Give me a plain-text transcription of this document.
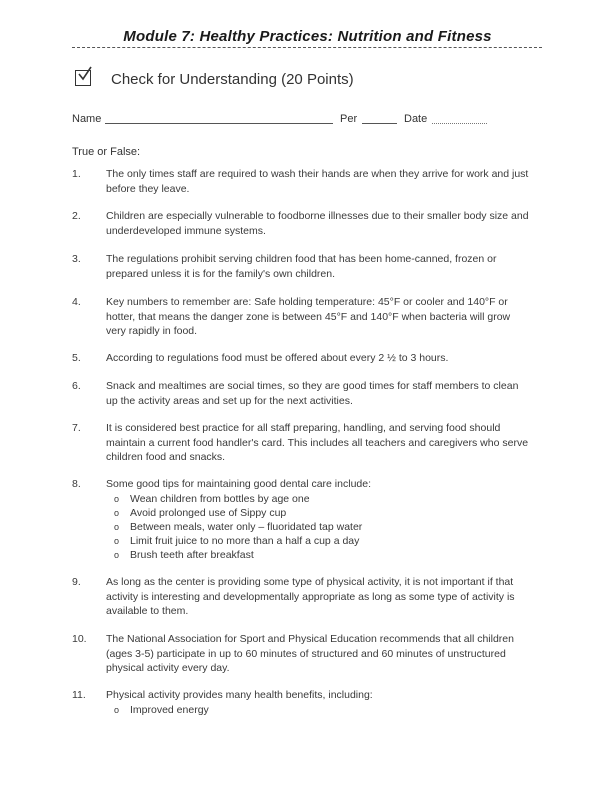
Module 7: Healthy Practices: Nutrition and Fitness
Check for Understanding (20 Points)
Name	Per	Date
True or False:
1.	The only times staff are required to wash their hands are when they arrive for work and just before they leave.
2.	Children are especially vulnerable to foodborne illnesses due to their smaller body size and underdeveloped immune systems.
3.	The regulations prohibit serving children food that has been home-canned, frozen or prepared unless it is for the family's own children.
4.	Key numbers to remember are: Safe holding temperature: 45°F or cooler and 140°F or hotter, that means the danger zone is between 45°F and 140°F when bacteria will grow very rapidly in food.
5.	According to regulations food must be offered about every 2 ½ to 3 hours.
6.	Snack and mealtimes are social times, so they are good times for staff members to clean up the activity areas and set up for the next activities.
7.	It is considered best practice for all staff preparing, handling, and serving food should maintain a current food handler's card. This includes all teachers and caregivers who serve children food and snacks.
8.	Some good tips for maintaining good dental care include:
o Wean children from bottles by age one
o Avoid prolonged use of Sippy cup
o Between meals, water only – fluoridated tap water
o Limit fruit juice to no more than a half a cup a day
o Brush teeth after breakfast
9.	As long as the center is providing some type of physical activity, it is not important if that activity is interesting and developmentally appropriate as long as some type of activity is available to them.
10.	The National Association for Sport and Physical Education recommends that all children (ages 3-5) participate in up to 60 minutes of structured and 60 minutes of unstructured physical activity every day.
11.	Physical activity provides many health benefits, including:
o Improved energy
